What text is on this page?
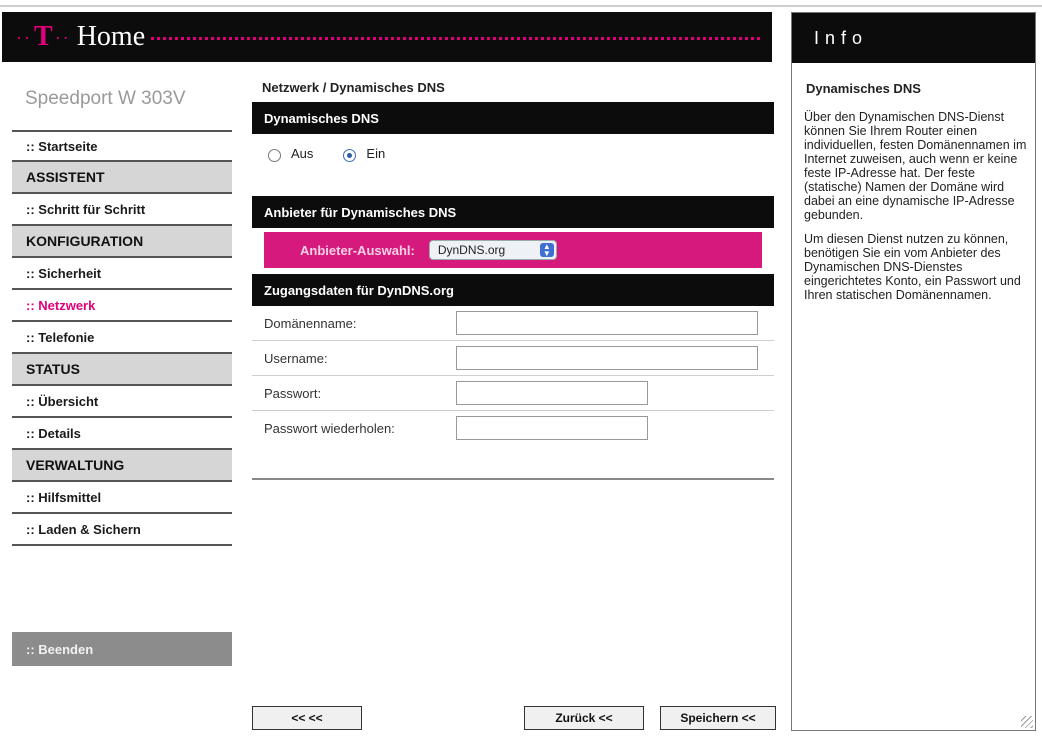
·· T ·· Home	Info
Dynamisches DNS

Über den Dynamischen DNS-Dienst können Sie Ihrem Router einen individuellen, festen Domänennamen im Internet zuweisen, auch wenn er keine feste IP-Adresse hat. Der feste (statische) Namen der Domäne wird dabei an eine dynamische IP-Adresse gebunden.

Um diesen Dienst nutzen zu können, benötigen Sie ein vom Anbieter des Dynamischen DNS-Dienstes eingerichtetes Konto, ein Passwort und Ihren statischen Domänennamen.

Speedport W 303V
:: Startseite
ASSISTENT
:: Schritt für Schritt
KONFIGURATION
:: Sicherheit
:: Netzwerk
:: Telefonie
STATUS
:: Übersicht
:: Details
VERWALTUNG
:: Hilfsmittel
:: Laden & Sichern
:: Beenden
Netzwerk / Dynamisches DNS
Dynamisches DNS
Aus	Ein
Anbieter für Dynamisches DNS
Anbieter-Auswahl: DynDNS.org	▲
▼
Zugangsdaten für DynDNS.org
Domänenname:
Username:
Passwort:
Passwort wiederholen:
<< <<	Zurück <<	Speichern <<
